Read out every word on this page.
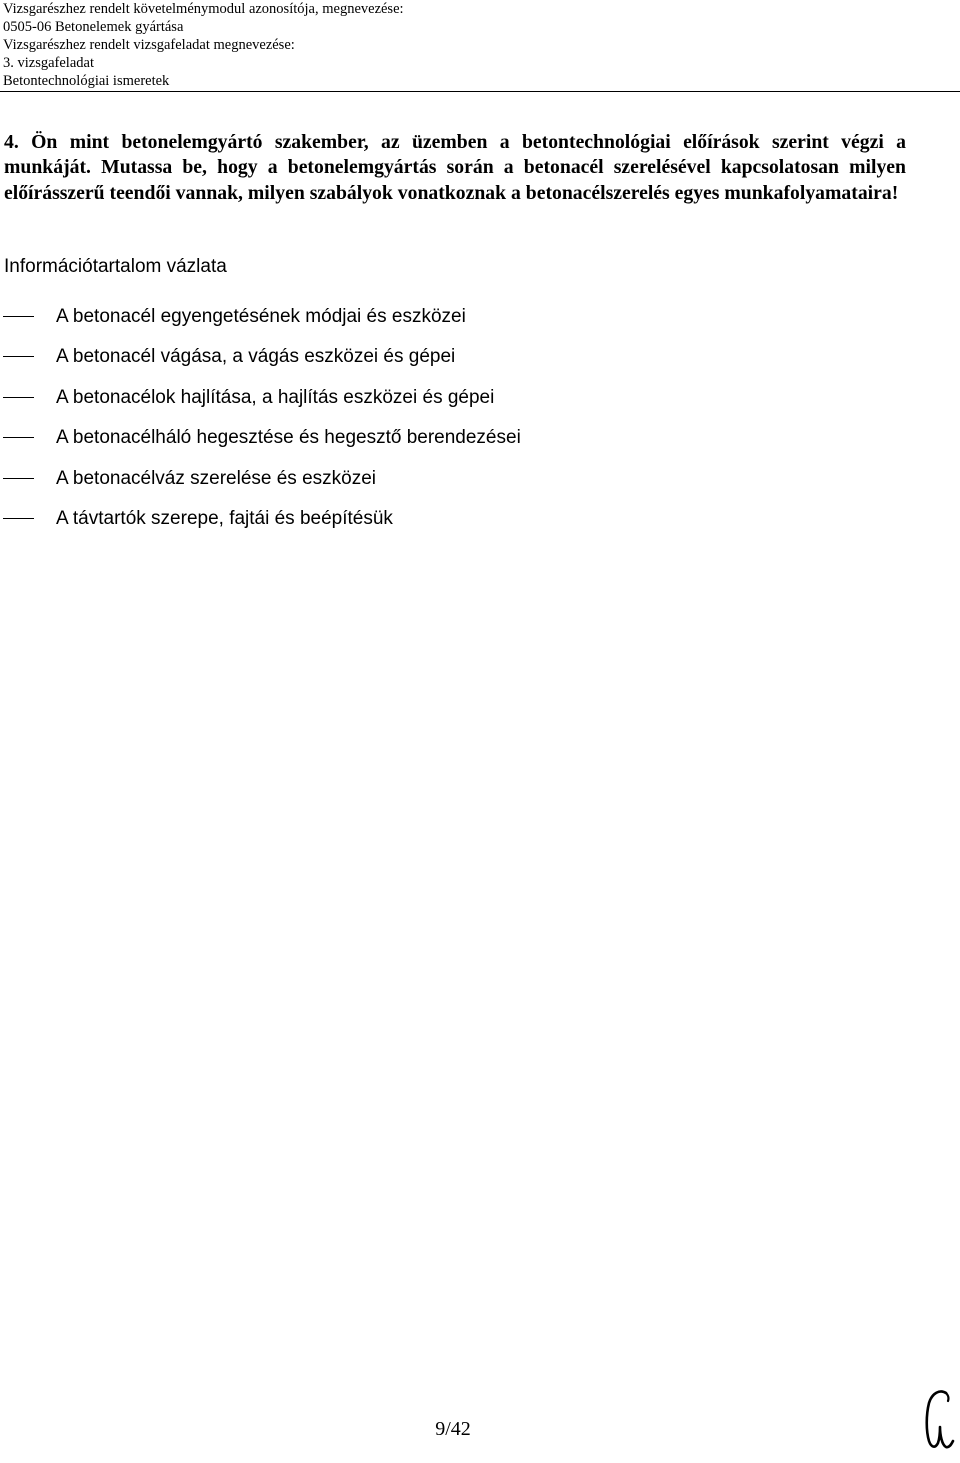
Vizsgarészhez rendelt követelménymodul azonosítója, megnevezése:
0505-06 Betonelemek gyártása
Vizsgarészhez rendelt vizsgafeladat megnevezése:
3. vizsgafeladat
Betontechnológiai ismeretek
4. Ön mint betonelemgyártó szakember, az üzemben a betontechnológiai előírások szerint végzi a munkáját. Mutassa be, hogy a betonelemgyártás során a betonacél szerelésével kapcsolatosan milyen előírásszerű teendői vannak, milyen szabályok vonatkoznak a betonacélszerelés egyes munkafolyamataira!
Információtartalom vázlata
A betonacél egyengetésének módjai és eszközei
A betonacél vágása, a vágás eszközei és gépei
A betonacélok hajlítása, a hajlítás eszközei és gépei
A betonacélháló hegesztése és hegesztő berendezései
A betonacélváz szerelése és eszközei
A távtartók szerepe, fajtái és beépítésük
9/42
